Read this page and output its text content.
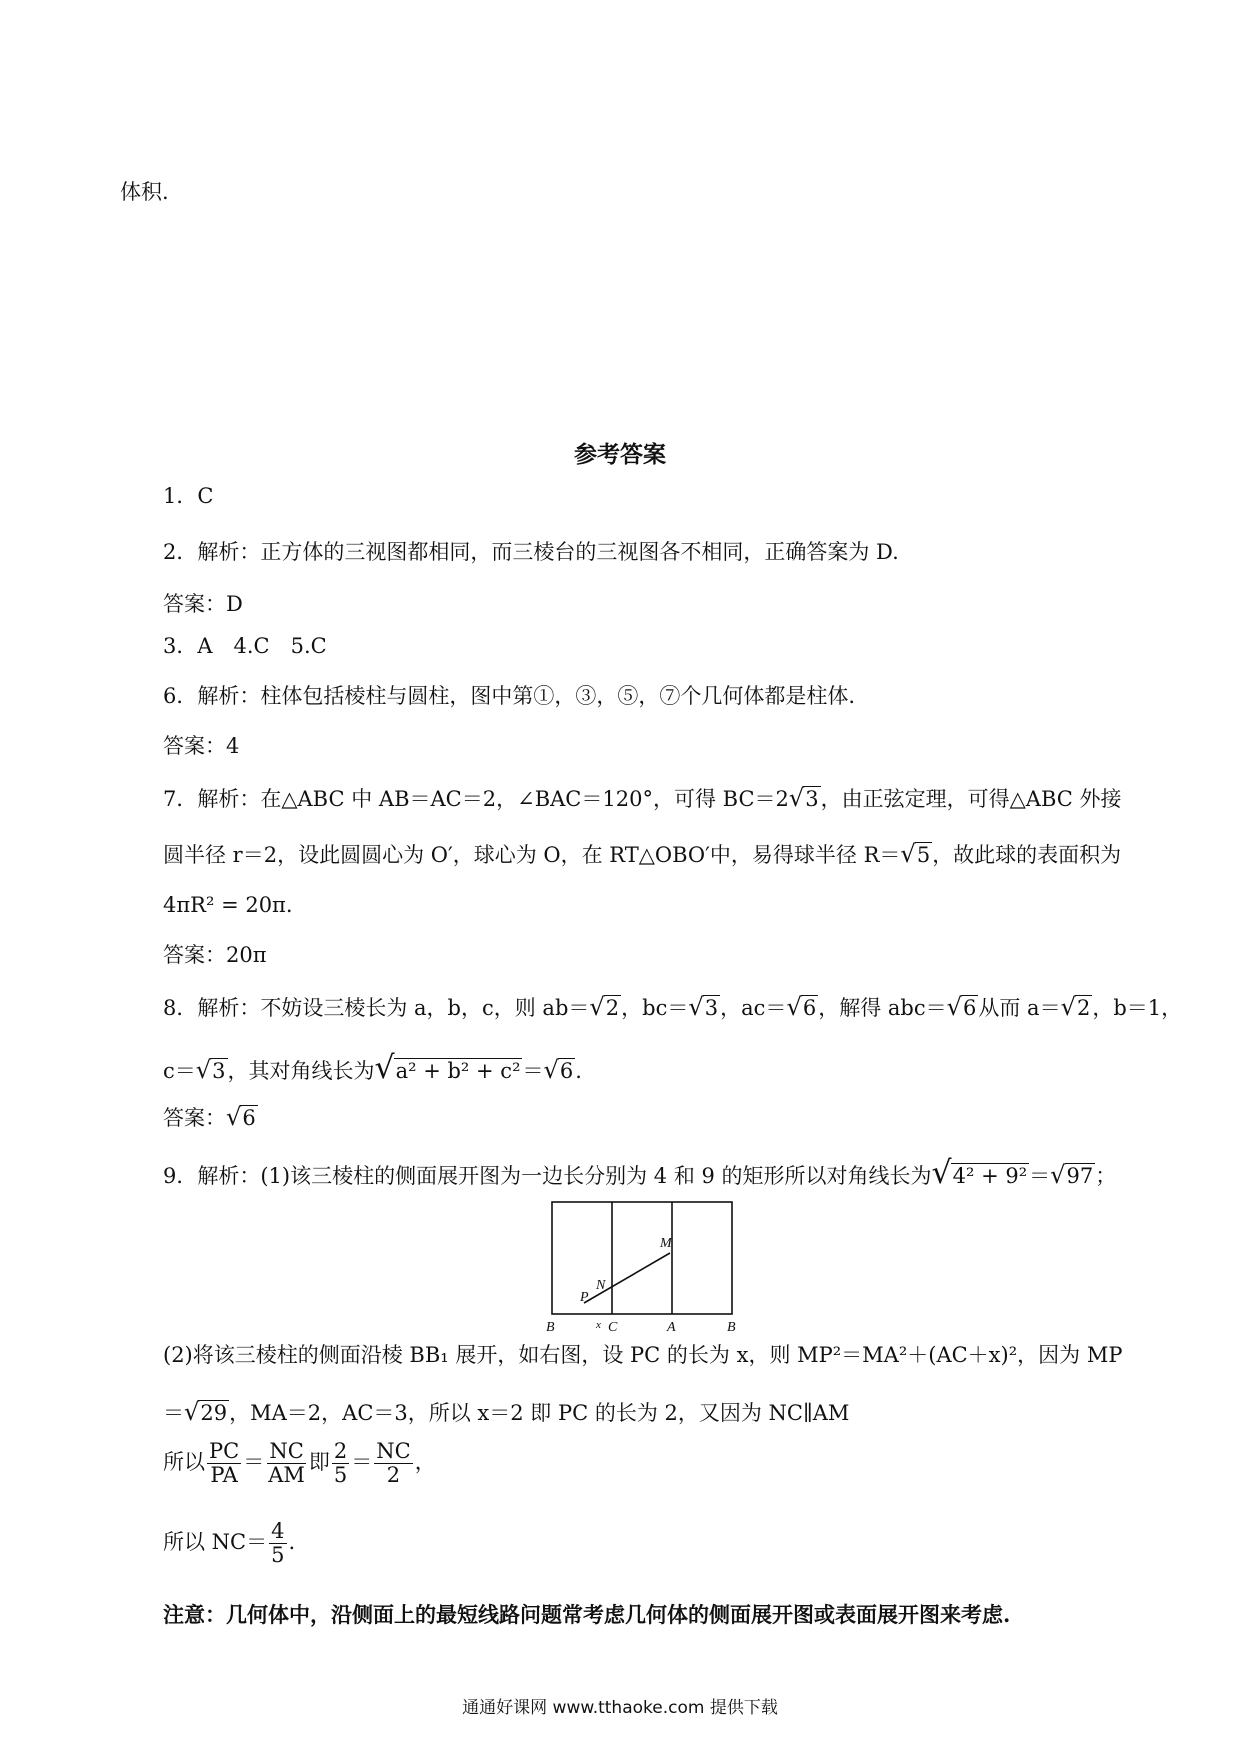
体积.
参考答案
1．C
2．解析：正方体的三视图都相同，而三棱台的三视图各不相同，正确答案为 D.
答案：D
3．A　4.C　5.C
6．解析：柱体包括棱柱与圆柱，图中第①，③，⑤，⑦个几何体都是柱体.
答案：4
7．解析：在△ABC 中 AB＝AC＝2，∠BAC＝120°，可得 BC＝2√3，由正弦定理，可得△ABC 外接
圆半径 r＝2，设此圆圆心为 O′，球心为 O，在 RT△OBO′中，易得球半径 R＝√5，故此球的表面积为
4πR² = 20π.
答案：20π
8．解析：不妨设三棱长为 a，b，c，则 ab＝√2，bc＝√3，ac＝√6，解得 abc＝√6从而 a＝√2，b＝1，
c＝√3，其对角线长为√a² + b² + c²＝√6.
答案：√6
9．解析：(1)该三棱柱的侧面展开图为一边长分别为 4 和 9 的矩形所以对角线长为√4² + 9²＝√97；
B
P
N
x C	A
M
B
(2)将该三棱柱的侧面沿棱 BB₁ 展开，如右图，设 PC 的长为 x，则 MP²＝MA²＋(AC＋x)²，因为 MP
＝√29，MA＝2，AC＝3，所以 x＝2 即 PC 的长为 2，又因为 NC∥AM
所以 $\frac{PC}{PA} = \frac{NC}{AM}$ 即 $\frac{2}{5} = \frac{NC}{2}$ ，
所以 $NC= \frac{4}{5}$ .
注意：几何体中，沿侧面上的最短线路问题常考虑几何体的侧面展开图或表面展开图来考虑.
通通好课网 www.tthaoke.com 提供下载
